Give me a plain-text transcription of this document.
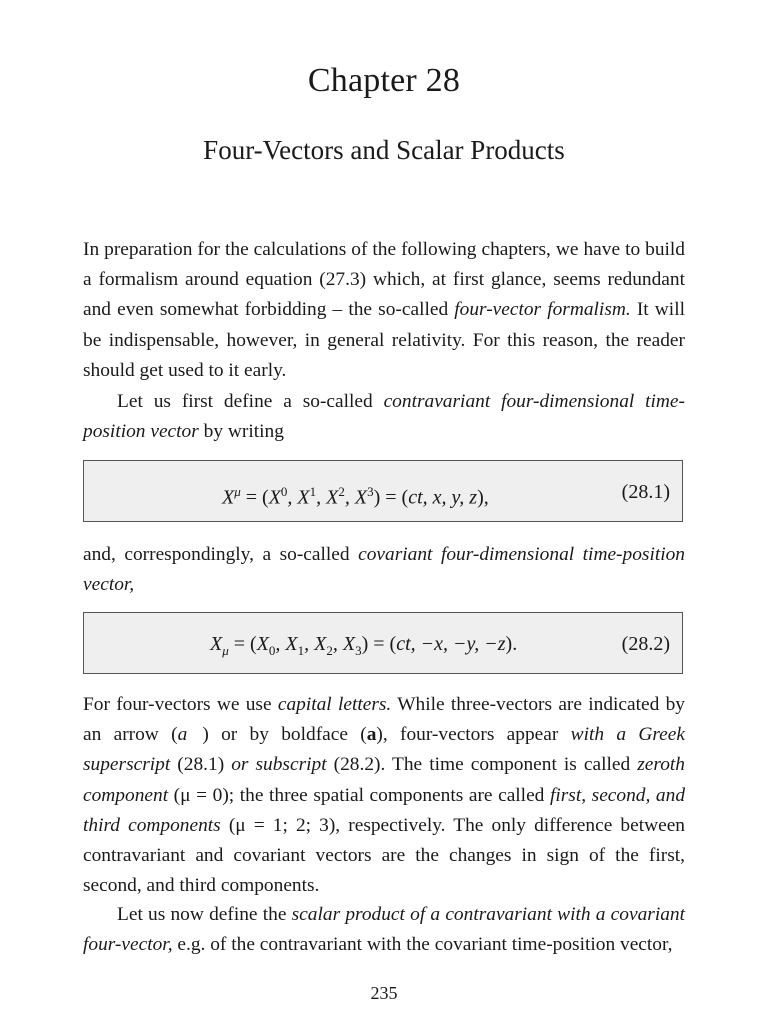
Chapter 28
Four-Vectors and Scalar Products

In preparation for the calculations of the following chapters, we have to build a formalism around equation (27.3) which, at first glance, seems redundant and even somewhat forbidding – the so-called four-vector formalism. It will be indispensable, however, in general relativity. For this reason, the reader should get used to it early.

Let us first define a so-called contravariant four-dimensional time-position vector by writing

$X^\mu = (X^0$, $X^1$, $X^2$, $X^3) = (ct$, x, y, z),	(28.1)

and, correspondingly, a so-called covariant four-dimensional time-position vector,

$X_\mu = (X_0$, $X_1$, $X_2$, $X_3) = (ct$, −x, −y, −z).	(28.2)

For four-vectors we use capital letters. While three-vectors are indicated by an arrow (a⃗) or by boldface (a), four-vectors appear with a Greek superscript (28.1) or subscript (28.2). The time component is called zeroth component (μ = 0); the three spatial components are called first, second, and third components (μ = 1; 2; 3), respectively. The only difference between contravariant and covariant vectors are the changes in sign of the first, second, and third components.

Let us now define the scalar product of a contravariant with a covariant four-vector, e.g. of the contravariant with the covariant time-position vector,

235
